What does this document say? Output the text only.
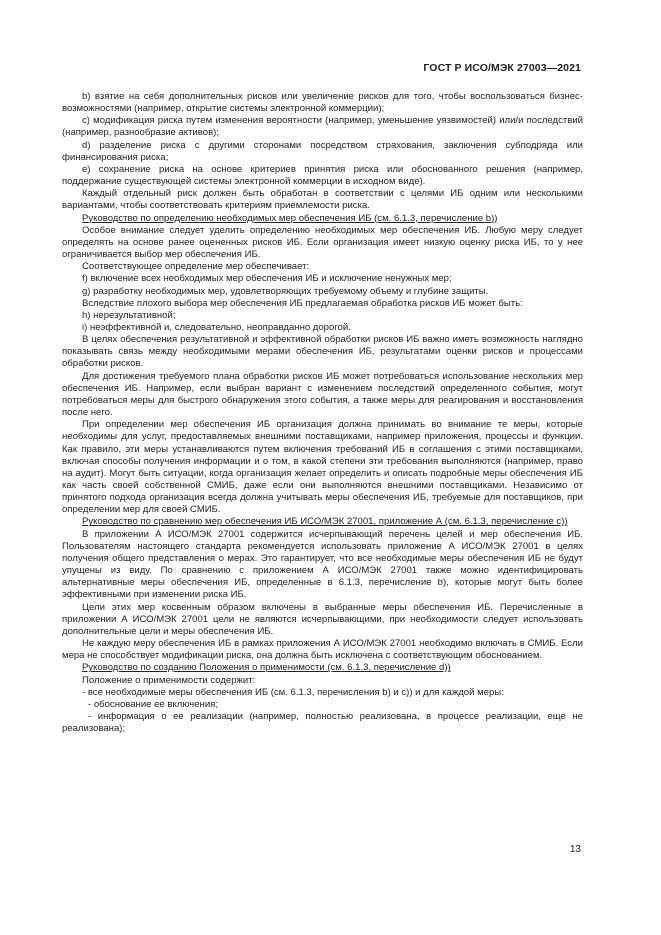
ГОСТ Р ИСО/МЭК 27003—2021

b) взятие на себя дополнительных рисков или увеличение рисков для того, чтобы воспользоваться бизнес-возможностями (например, открытие системы электронной коммерции);

c) модификация риска путем изменения вероятности (например, уменьшение уязвимостей) или/и последствий (например, разнообразие активов);

d) разделение риска с другими сторонами посредством страхования, заключения субподряда или финансирования риска;

e) сохранение риска на основе критериев принятия риска или обоснованного решения (например, поддержание существующей системы электронной коммерции в исходном виде).

Каждый отдельный риск должен быть обработан в соответствии с целями ИБ одним или несколькими вариантами, чтобы соответствовать критериям приемлемости риска.

Руководство по определению необходимых мер обеспечения ИБ (см. 6.1.3, перечисление b))

Особое внимание следует уделить определению необходимых мер обеспечения ИБ. Любую меру следует определять на основе ранее оцененных рисков ИБ. Если организация имеет низкую оценку риска ИБ, то у нее ограничивается выбор мер обеспечения ИБ.

Соответствующее определение мер обеспечивает:

f) включение всех необходимых мер обеспечения ИБ и исключение ненужных мер;

g) разработку необходимых мер, удовлетворяющих требуемому объему и глубине защиты.

Вследствие плохого выбора мер обеспечения ИБ предлагаемая обработка рисков ИБ может быть:

h) нерезультативной;

i) неэффективной и, следовательно, неоправданно дорогой.

В целях обеспечения результативной и эффективной обработки рисков ИБ важно иметь возможность наглядно показывать связь между необходимыми мерами обеспечения ИБ, результатами оценки рисков и процессами обработки рисков.

Для достижения требуемого плана обработки рисков ИБ может потребоваться использование нескольких мер обеспечения ИБ. Например, если выбран вариант с изменением последствий определенного события, могут потребоваться меры для быстрого обнаружения этого события, а также меры для реагирования и восстановления после него.

При определении мер обеспечения ИБ организация должна принимать во внимание те меры, которые необходимы для услуг, предоставляемых внешними поставщиками, например приложения, процессы и функции. Как правило, эти меры устанавливаются путем включения требований ИБ в соглашения с этими поставщиками, включая способы получения информации и о том, в какой степени эти требования выполняются (например, право на аудит). Могут быть ситуации, когда организация желает определить и описать подробные меры обеспечения ИБ как часть своей собственной СМИБ, даже если они выполняются внешними поставщиками. Независимо от принятого подхода организация всегда должна учитывать меры обеспечения ИБ, требуемые для поставщиков, при определении мер для своей СМИБ.

Руководство по сравнению мер обеспечения ИБ ИСО/МЭК 27001, приложение А (см. 6.1.3, перечисление с))

В приложении А ИСО/МЭК 27001 содержится исчерпывающий перечень целей и мер обеспечения ИБ. Пользователям настоящего стандарта рекомендуется использовать приложение А ИСО/МЭК 27001 в целях получения общего представления о мерах. Это гарантирует, что все необходимые меры обеспечения ИБ не будут упущены из виду. По сравнению с приложением А ИСО/МЭК 27001 также можно идентифицировать альтернативные меры обеспечения ИБ, определенные в 6.1.3, перечисление b), которые могут быть более эффективными при изменении риска ИБ.

Цели этих мер косвенным образом включены в выбранные меры обеспечения ИБ. Перечисленные в приложении А ИСО/МЭК 27001 цели не являются исчерпывающими, при необходимости следует использовать дополнительные цели и меры обеспечения ИБ.

Не каждую меру обеспечения ИБ в рамках приложения А ИСО/МЭК 27001 необходимо включать в СМИБ. Если мера не способствует модификации риска, она должна быть исключена с соответствующим обоснованием.

Руководство по созданию Положения о применимости (см. 6.1.3, перечисление d))

Положение о применимости содержит:

- все необходимые меры обеспечения ИБ (см. 6.1.3, перечисления b) и c)) и для каждой меры:

- обоснование ее включения;

- информация о ее реализации (например, полностью реализована, в процессе реализации, еще не реализована);

13
